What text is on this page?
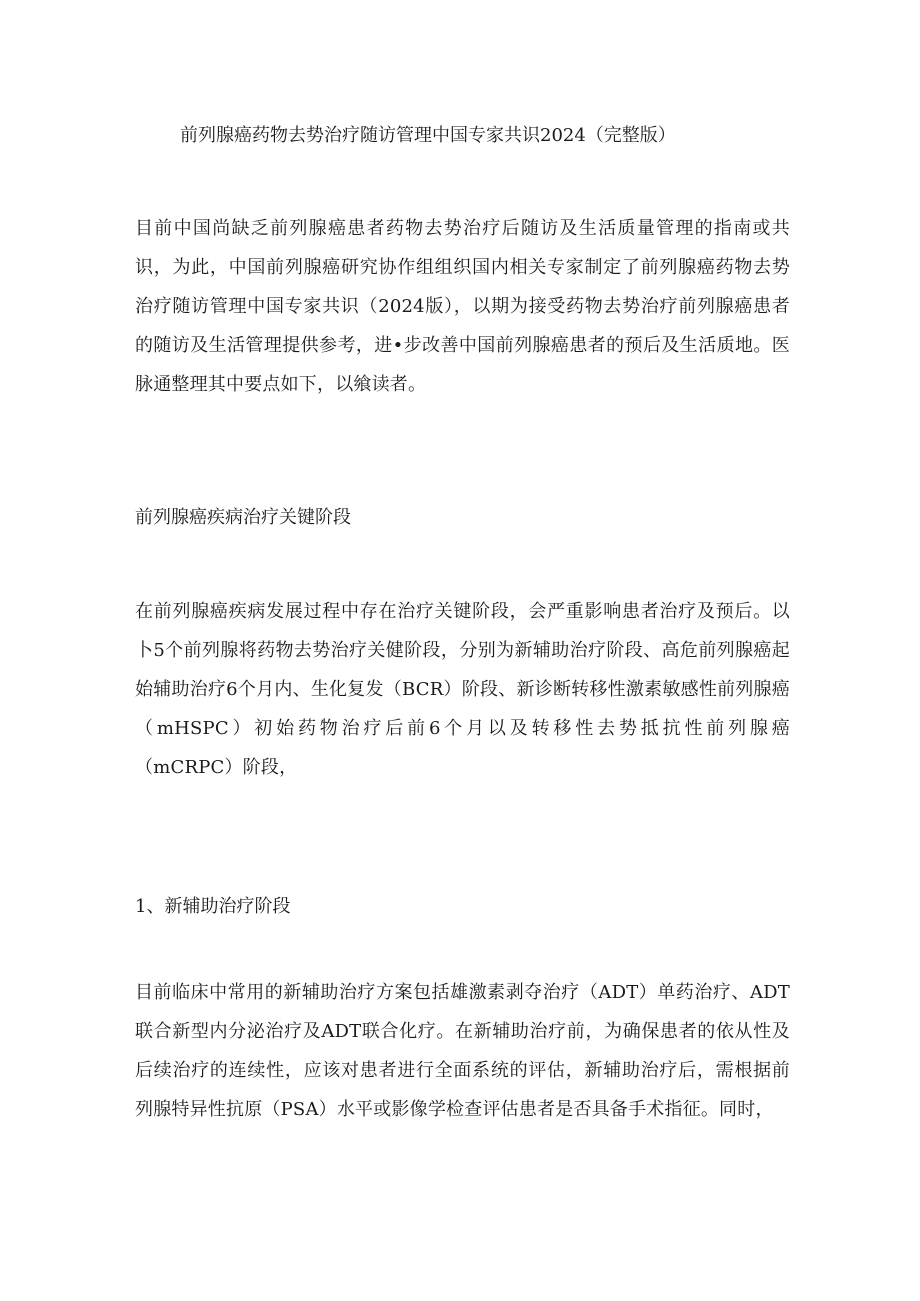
前列腺癌药物去势治疗随访管理中国专家共识2024（完整版）
目前中国尚缺乏前列腺癌患者药物去势治疗后随访及生活质量管理的指南或共识，为此，中国前列腺癌研究协作组组织国内相关专家制定了前列腺癌药物去势治疗随访管理中国专家共识（2024版），以期为接受药物去势治疗前列腺癌患者的随访及生活管理提供参考，进•步改善中国前列腺癌患者的预后及生活质地。医脉通整理其中要点如下，以飨读者。
前列腺癌疾病治疗关键阶段
在前列腺癌疾病发展过程中存在治疗关键阶段，会严重影响患者治疗及预后。以卜5个前列腺将药物去势治疗关健阶段，分别为新辅助治疗阶段、高危前列腺癌起始辅助治疗6个月内、生化复发（BCR）阶段、新诊断转移性激素敏感性前列腺癌（mHSPC）初始药物治疗后前6个月以及转移性去势抵抗性前列腺癌（mCRPC）阶段，
1、新辅助治疗阶段
目前临床中常用的新辅助治疗方案包括雄激素剥夺治疗（ADT）单药治疗、ADT联合新型内分泌治疗及ADT联合化疗。在新辅助治疗前，为确保患者的依从性及后续治疗的连续性，应该对患者进行全面系统的评估，新辅助治疗后，需根据前列腺特异性抗原（PSA）水平或影像学检查评估患者是否具备手术指征。同时，
